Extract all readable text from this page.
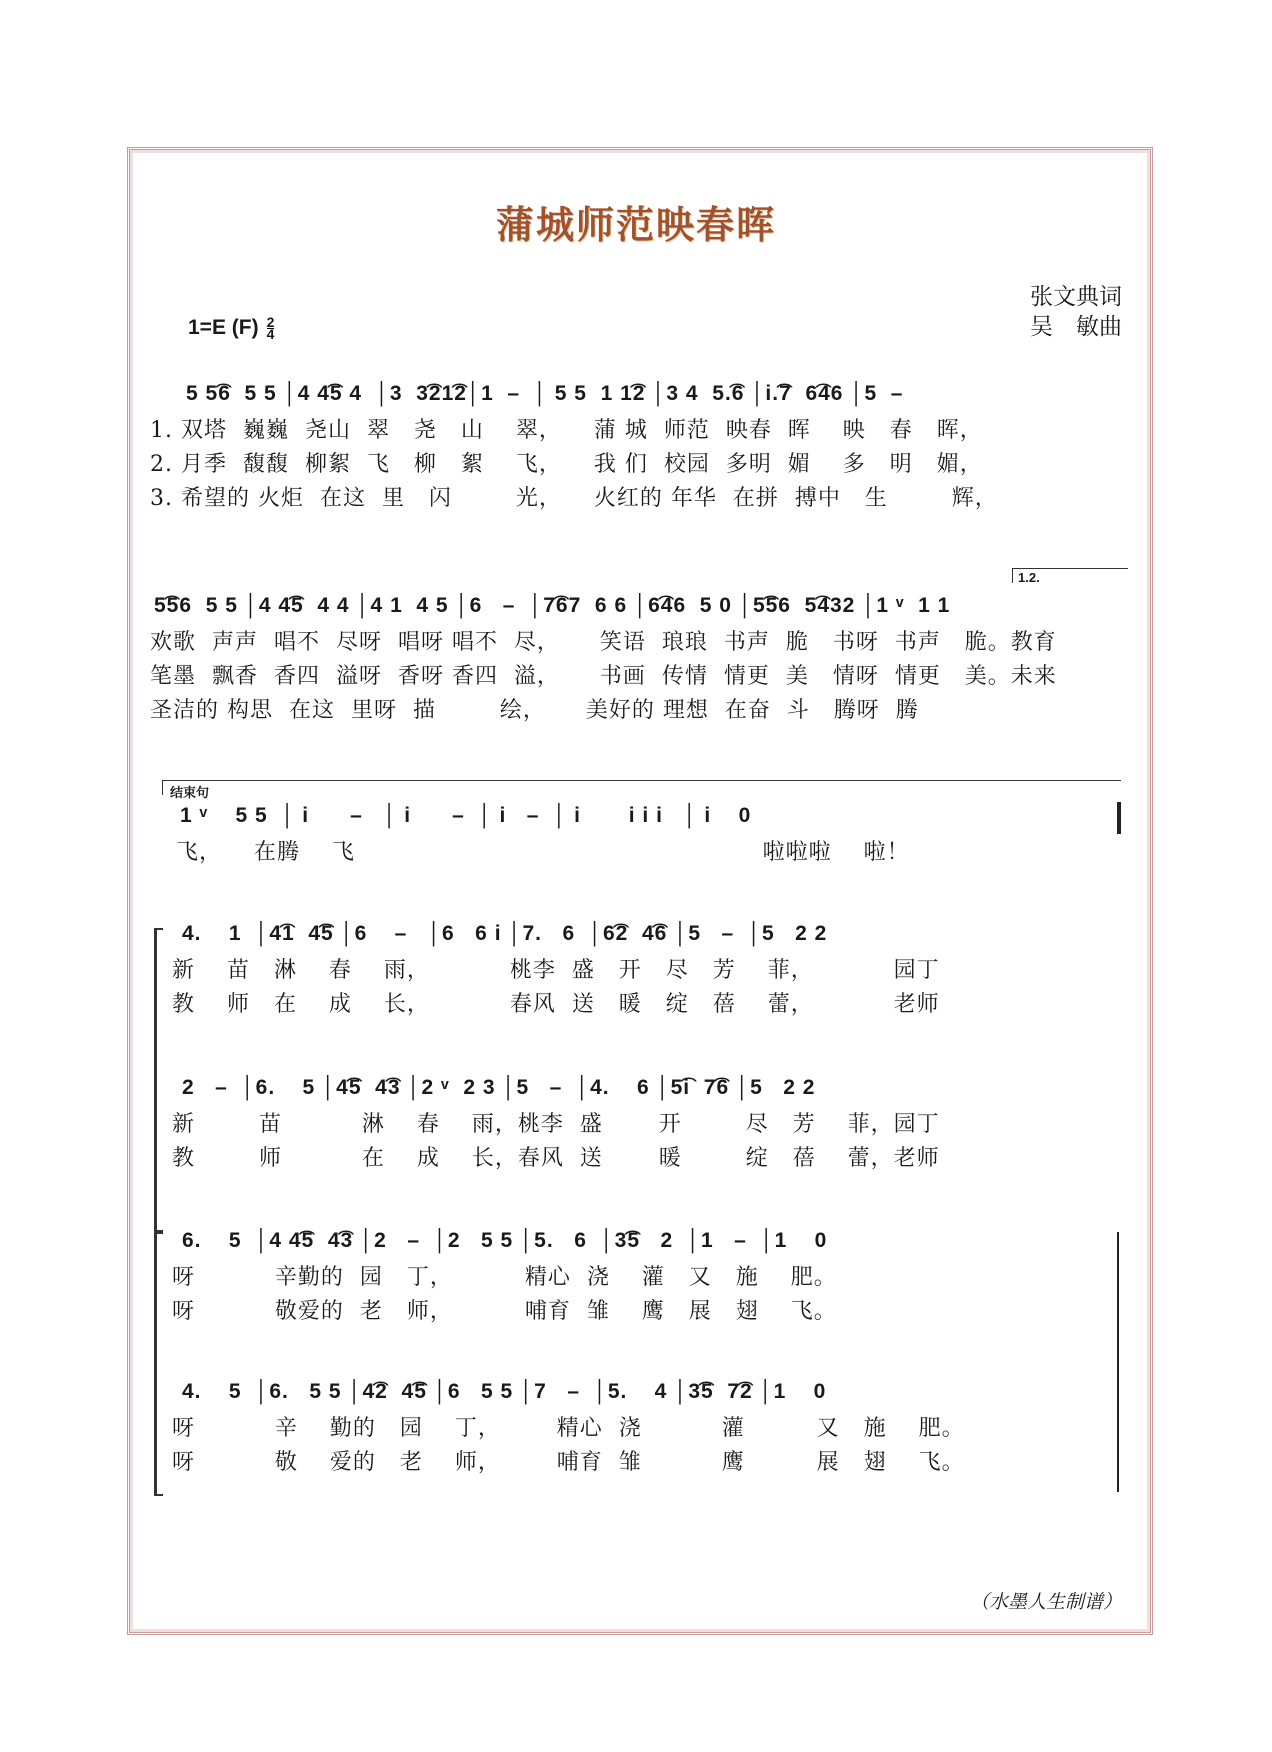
蒲城师范映春晖
张文典词
吴　敏曲
1=E (F) 2
4
5 5͡6  5 5 │4 4͡5 4  │3  3͡21͡2│1  –  │ 5 5  1 1͡2 │3 4  5.͡6 │i.͡7  6͡46 │5  –
1. 双塔  巍巍  尧山  翠   尧   山    翠，    蒲 城  师范  映春  晖    映   春   晖，
2. 月季  馥馥  柳絮  飞   柳   絮    飞，    我 们  校园  多明  媚    多   明   媚，
3. 希望的 火炬  在这  里   闪        光，    火红的 年华  在拼  搏中   生        辉，
1.2.
5͡56  5 5 │4 4͡5  4 4 │4 1  4 5 │6   –  │7͡67  6 6 │6͡46  5 0 │5͡56  5͡432 │1 ᵛ  1 1
欢歌  声声  唱不  尽呀  唱呀 唱不  尽，     笑语  琅琅  书声  脆   书呀  书声   脆。教育
笔墨  飘香  香四  溢呀  香呀 香四  溢，     书画  传情  情更  美   情呀  情更   美。未来
圣洁的 构思  在这  里呀  描        绘，     美好的 理想  在奋  斗   腾呀  腾
结束句
1 ᵛ    5 5  │ i      –   │ i      –  │ i   –  │ i       i i i   │ i    0
飞，    在腾    飞                                                   啦啦啦    啦！
4.    1  │4͡1  4͡5 │6    –   │6   6 i │7.   6  │6͡2  4͡6 │5   –  │5   2 2
新    苗   淋    春    雨，          桃李  盛   开   尽   芳    菲，          园丁
教    师   在    成    长，          春风  送   暖   绽   蓓    蕾，          老师
2   –  │6.    5 │4͡5  4͡3 │2 ᵛ  2 3 │5   –  │4.    6 │5͡i  7͡6 │5   2 2
新        苗          淋    春    雨，桃李  盛       开        尽   芳    菲，园丁
教        师          在    成    长，春风  送       暖        绽   蓓    蕾，老师
6.    5  │4 4͡5  4͡3 │2   –  │2   5 5 │5.   6  │3͡5   2  │1   –  │1    0
呀          辛勤的  园   丁，         精心  浇    灌   又   施    肥。
呀          敬爱的  老   师，         哺育  雏    鹰   展   翅    飞。
4.    5  │6.   5 5 │4͡2  4͡5 │6   5 5 │7   –  │5.    4 │3͡5  7͡2 │1    0
呀          辛    勤的   园    丁，       精心  浇          灌         又   施    肥。
呀          敬    爱的   老    师，       哺育  雏          鹰         展   翅    飞。
（水墨人生制谱）
